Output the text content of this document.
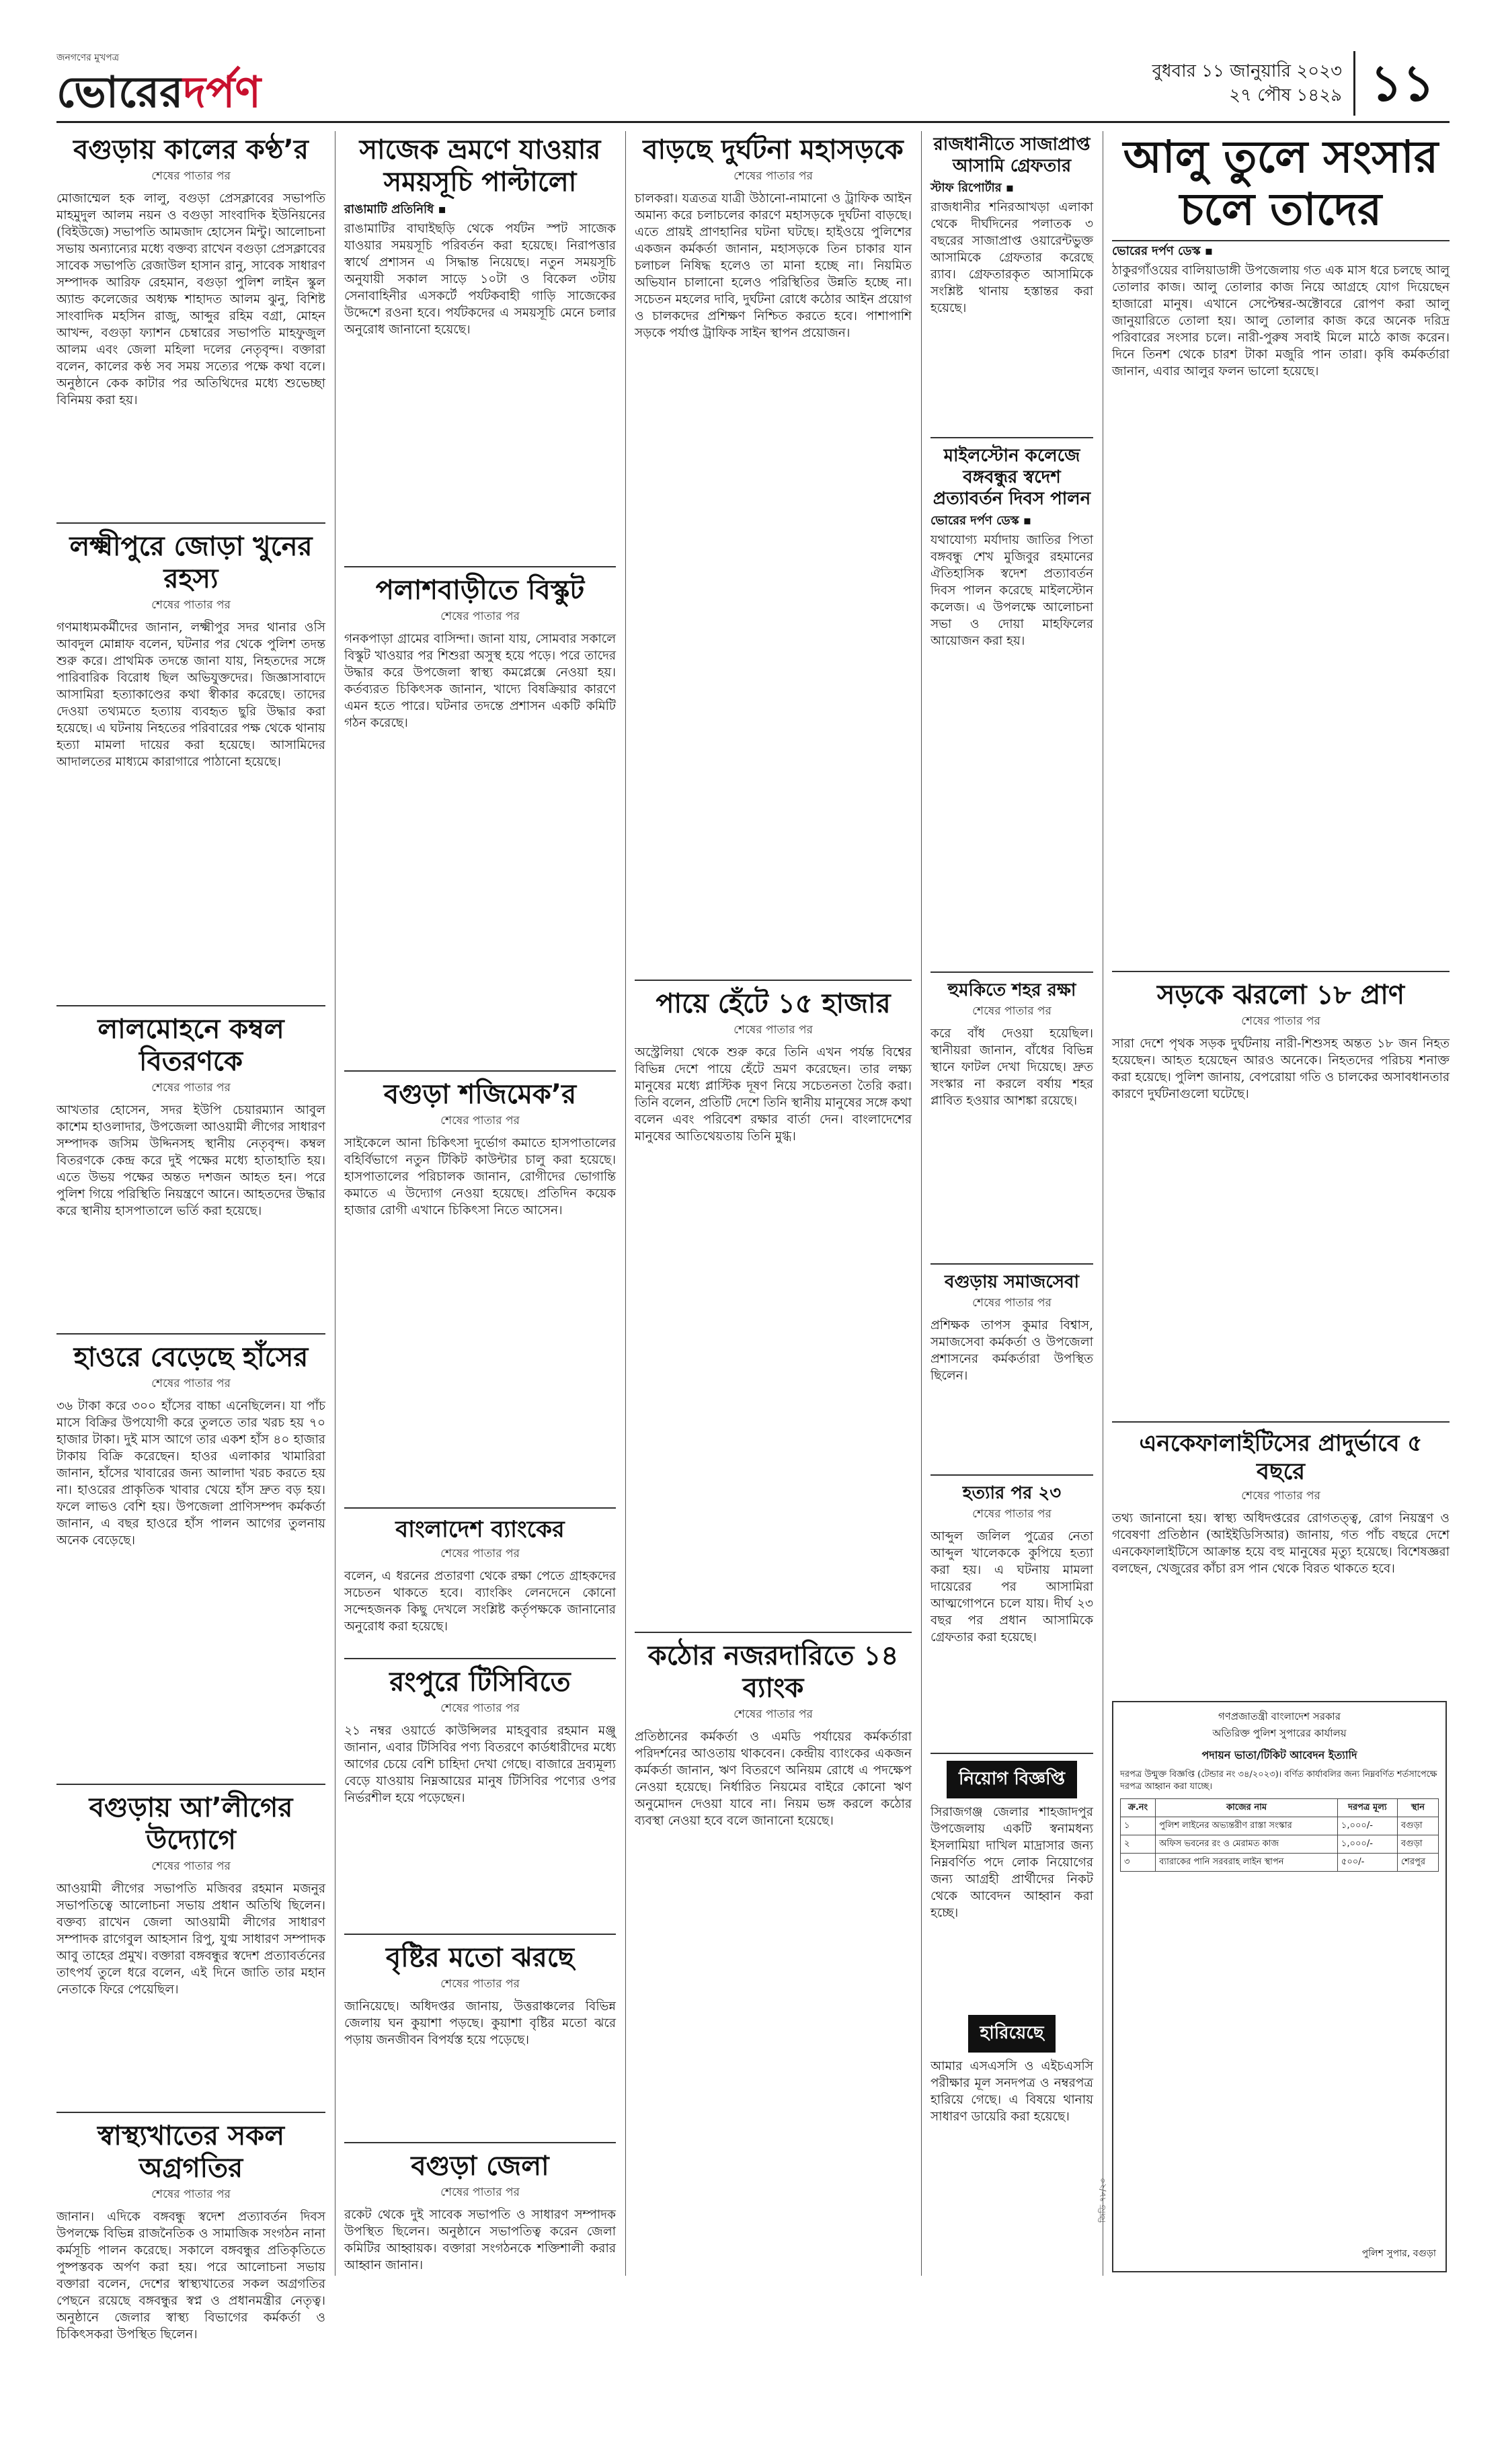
জনগণের মুখপত্র
ভোরেরদর্পণ	বুধবার ১১ জানুয়ারি ২০২৩
২৭ পৌষ ১৪২৯ ১১
বগুড়ায় কালের কণ্ঠ’র
শেষের পাতার পর
মোজাম্মেল হক লালু, বগুড়া প্রেসক্লাবের সভাপতি মাহমুদুল আলম নয়ন ও বগুড়া সাংবাদিক ইউনিয়নের (বিইউজে) সভাপতি আমজাদ হোসেন মিন্টু। আলোচনা সভায় অন্যান্যের মধ্যে বক্তব্য রাখেন বগুড়া প্রেসক্লাবের সাবেক সভাপতি রেজাউল হাসান রানু, সাবেক সাধারণ সম্পাদক আরিফ রেহমান, বগুড়া পুলিশ লাইন স্কুল অ্যান্ড কলেজের অধ্যক্ষ শাহাদত আলম ঝুনু, বিশিষ্ট সাংবাদিক মহসিন রাজু, আব্দুর রহিম বগ্রা, মোহন আখন্দ, বগুড়া ফ্যাশন চেম্বারের সভাপতি মাহফুজুল আলম এবং জেলা মহিলা দলের নেতৃবৃন্দ। বক্তারা বলেন, কালের কণ্ঠ সব সময় সত্যের পক্ষে কথা বলে। অনুষ্ঠানে কেক কাটার পর অতিথিদের মধ্যে শুভেচ্ছা বিনিময় করা হয়।
লক্ষ্মীপুরে জোড়া খুনের রহস্য
শেষের পাতার পর
গণমাধ্যমকর্মীদের জানান, লক্ষ্মীপুর সদর থানার ওসি আবদুল মোন্নাফ বলেন, ঘটনার পর থেকে পুলিশ তদন্ত শুরু করে। প্রাথমিক তদন্তে জানা যায়, নিহতদের সঙ্গে পারিবারিক বিরোধ ছিল অভিযুক্তদের। জিজ্ঞাসাবাদে আসামিরা হত্যাকাণ্ডের কথা স্বীকার করেছে। তাদের দেওয়া তথ্যমতে হত্যায় ব্যবহৃত ছুরি উদ্ধার করা হয়েছে। এ ঘটনায় নিহতের পরিবারের পক্ষ থেকে থানায় হত্যা মামলা দায়ের করা হয়েছে। আসামিদের আদালতের মাধ্যমে কারাগারে পাঠানো হয়েছে।
লালমোহনে কম্বল বিতরণকে
শেষের পাতার পর
আখতার হোসেন, সদর ইউপি চেয়ারম্যান আবুল কাশেম হাওলাদার, উপজেলা আওয়ামী লীগের সাধারণ সম্পাদক জসিম উদ্দিনসহ স্থানীয় নেতৃবৃন্দ। কম্বল বিতরণকে কেন্দ্র করে দুই পক্ষের মধ্যে হাতাহাতি হয়। এতে উভয় পক্ষের অন্তত দশজন আহত হন। পরে পুলিশ গিয়ে পরিস্থিতি নিয়ন্ত্রণে আনে। আহতদের উদ্ধার করে স্থানীয় হাসপাতালে ভর্তি করা হয়েছে।
হাওরে বেড়েছে হাঁসের
শেষের পাতার পর
৩৬ টাকা করে ৩০০ হাঁসের বাচ্চা এনেছিলেন। যা পাঁচ মাসে বিক্রির উপযোগী করে তুলতে তার খরচ হয় ৭০ হাজার টাকা। দুই মাস আগে তার একশ হাঁস ৪০ হাজার টাকায় বিক্রি করেছেন। হাওর এলাকার খামারিরা জানান, হাঁসের খাবারের জন্য আলাদা খরচ করতে হয় না। হাওরের প্রাকৃতিক খাবার খেয়ে হাঁস দ্রুত বড় হয়। ফলে লাভও বেশি হয়। উপজেলা প্রাণিসম্পদ কর্মকর্তা জানান, এ বছর হাওরে হাঁস পালন আগের তুলনায় অনেক বেড়েছে।
বগুড়ায় আ’লীগের উদ্যোগে
শেষের পাতার পর
আওয়ামী লীগের সভাপতি মজিবর রহমান মজনুর সভাপতিত্বে আলোচনা সভায় প্রধান অতিথি ছিলেন। বক্তব্য রাখেন জেলা আওয়ামী লীগের সাধারণ সম্পাদক রাগেবুল আহসান রিপু, যুগ্ম সাধারণ সম্পাদক আবু তাহের প্রমুখ। বক্তারা বঙ্গবন্ধুর স্বদেশ প্রত্যাবর্তনের তাৎপর্য তুলে ধরে বলেন, এই দিনে জাতি তার মহান নেতাকে ফিরে পেয়েছিল।
স্বাস্থ্যখাতের সকল অগ্রগতির
শেষের পাতার পর
জানান। এদিকে বঙ্গবন্ধু স্বদেশ প্রত্যাবর্তন দিবস উপলক্ষে বিভিন্ন রাজনৈতিক ও সামাজিক সংগঠন নানা কর্মসূচি পালন করেছে। সকালে বঙ্গবন্ধুর প্রতিকৃতিতে পুষ্পস্তবক অর্পণ করা হয়। পরে আলোচনা সভায় বক্তারা বলেন, দেশের স্বাস্থ্যখাতের সকল অগ্রগতির পেছনে রয়েছে বঙ্গবন্ধুর স্বপ্ন ও প্রধানমন্ত্রীর নেতৃত্ব। অনুষ্ঠানে জেলার স্বাস্থ্য বিভাগের কর্মকর্তা ও চিকিৎসকরা উপস্থিত ছিলেন।
সাজেক ভ্রমণে যাওয়ার সময়সূচি পাল্টালো
রাঙামাটি প্রতিনিধি ▪
রাঙামাটির বাঘাইছড়ি থেকে পর্যটন স্পট সাজেক যাওয়ার সময়সূচি পরিবর্তন করা হয়েছে। নিরাপত্তার স্বার্থে প্রশাসন এ সিদ্ধান্ত নিয়েছে। নতুন সময়সূচি অনুযায়ী সকাল সাড়ে ১০টা ও বিকেল ৩টায় সেনাবাহিনীর এসকর্টে পর্যটকবাহী গাড়ি সাজেকের উদ্দেশে রওনা হবে। পর্যটকদের এ সময়সূচি মেনে চলার অনুরোধ জানানো হয়েছে।
পলাশবাড়ীতে বিস্কুট
শেষের পাতার পর
গনকপাড়া গ্রামের বাসিন্দা। জানা যায়, সোমবার সকালে বিস্কুট খাওয়ার পর শিশুরা অসুস্থ হয়ে পড়ে। পরে তাদের উদ্ধার করে উপজেলা স্বাস্থ্য কমপ্লেক্সে নেওয়া হয়। কর্তব্যরত চিকিৎসক জানান, খাদ্যে বিষক্রিয়ার কারণে এমন হতে পারে। ঘটনার তদন্তে প্রশাসন একটি কমিটি গঠন করেছে।
বগুড়া শজিমেক’র
শেষের পাতার পর
সাইকেলে আনা চিকিৎসা দুর্ভোগ কমাতে হাসপাতালের বহির্বিভাগে নতুন টিকিট কাউন্টার চালু করা হয়েছে। হাসপাতালের পরিচালক জানান, রোগীদের ভোগান্তি কমাতে এ উদ্যোগ নেওয়া হয়েছে। প্রতিদিন কয়েক হাজার রোগী এখানে চিকিৎসা নিতে আসেন।
বাংলাদেশ ব্যাংকের
শেষের পাতার পর
বলেন, এ ধরনের প্রতারণা থেকে রক্ষা পেতে গ্রাহকদের সচেতন থাকতে হবে। ব্যাংকিং লেনদেনে কোনো সন্দেহজনক কিছু দেখলে সংশ্লিষ্ট কর্তৃপক্ষকে জানানোর অনুরোধ করা হয়েছে।
রংপুরে টিসিবিতে
শেষের পাতার পর
২১ নম্বর ওয়ার্ডে কাউন্সিলর মাহবুবার রহমান মঞ্জু জানান, এবার টিসিবির পণ্য বিতরণে কার্ডধারীদের মধ্যে আগের চেয়ে বেশি চাহিদা দেখা গেছে। বাজারে দ্রব্যমূল্য বেড়ে যাওয়ায় নিম্নআয়ের মানুষ টিসিবির পণ্যের ওপর নির্ভরশীল হয়ে পড়েছেন।
বৃষ্টির মতো ঝরছে
শেষের পাতার পর
জানিয়েছে। অধিদপ্তর জানায়, উত্তরাঞ্চলের বিভিন্ন জেলায় ঘন কুয়াশা পড়ছে। কুয়াশা বৃষ্টির মতো ঝরে পড়ায় জনজীবন বিপর্যস্ত হয়ে পড়েছে।
বগুড়া জেলা
শেষের পাতার পর
রকেট থেকে দুই সাবেক সভাপতি ও সাধারণ সম্পাদক উপস্থিত ছিলেন। অনুষ্ঠানে সভাপতিত্ব করেন জেলা কমিটির আহ্বায়ক। বক্তারা সংগঠনকে শক্তিশালী করার আহ্বান জানান।
বাড়ছে দুর্ঘটনা মহাসড়কে
শেষের পাতার পর
চালকরা। যত্রতত্র যাত্রী উঠানো-নামানো ও ট্রাফিক আইন অমান্য করে চলাচলের কারণে মহাসড়কে দুর্ঘটনা বাড়ছে। এতে প্রায়ই প্রাণহানির ঘটনা ঘটছে। হাইওয়ে পুলিশের একজন কর্মকর্তা জানান, মহাসড়কে তিন চাকার যান চলাচল নিষিদ্ধ হলেও তা মানা হচ্ছে না। নিয়মিত অভিযান চালানো হলেও পরিস্থিতির উন্নতি হচ্ছে না। সচেতন মহলের দাবি, দুর্ঘটনা রোধে কঠোর আইন প্রয়োগ ও চালকদের প্রশিক্ষণ নিশ্চিত করতে হবে। পাশাপাশি সড়কে পর্যাপ্ত ট্রাফিক সাইন স্থাপন প্রয়োজন।
পায়ে হেঁটে ১৫ হাজার
শেষের পাতার পর
অস্ট্রেলিয়া থেকে শুরু করে তিনি এখন পর্যন্ত বিশ্বের বিভিন্ন দেশে পায়ে হেঁটে ভ্রমণ করেছেন। তার লক্ষ্য মানুষের মধ্যে প্লাস্টিক দূষণ নিয়ে সচেতনতা তৈরি করা। তিনি বলেন, প্রতিটি দেশে তিনি স্থানীয় মানুষের সঙ্গে কথা বলেন এবং পরিবেশ রক্ষার বার্তা দেন। বাংলাদেশের মানুষের আতিথেয়তায় তিনি মুগ্ধ।
কঠোর নজরদারিতে ১৪ ব্যাংক
শেষের পাতার পর
প্রতিষ্ঠানের কর্মকর্তা ও এমডি পর্যায়ের কর্মকর্তারা পরিদর্শনের আওতায় থাকবেন। কেন্দ্রীয় ব্যাংকের একজন কর্মকর্তা জানান, ঋণ বিতরণে অনিয়ম রোধে এ পদক্ষেপ নেওয়া হয়েছে। নির্ধারিত নিয়মের বাইরে কোনো ঋণ অনুমোদন দেওয়া যাবে না। নিয়ম ভঙ্গ করলে কঠোর ব্যবস্থা নেওয়া হবে বলে জানানো হয়েছে।
রাজধানীতে সাজাপ্রাপ্ত আসামি গ্রেফতার
স্টাফ রিপোর্টার ▪
রাজধানীর শনিরআখড়া এলাকা থেকে দীর্ঘদিনের পলাতক ৩ বছরের সাজাপ্রাপ্ত ওয়ারেন্টভুক্ত আসামিকে গ্রেফতার করেছে র‌্যাব। গ্রেফতারকৃত আসামিকে সংশ্লিষ্ট থানায় হস্তান্তর করা হয়েছে।
মাইলস্টোন কলেজে বঙ্গবন্ধুর স্বদেশ প্রত্যাবর্তন দিবস পালন
ভোরের দর্পণ ডেস্ক ▪
যথাযোগ্য মর্যাদায় জাতির পিতা বঙ্গবন্ধু শেখ মুজিবুর রহমানের ঐতিহাসিক স্বদেশ প্রত্যাবর্তন দিবস পালন করেছে মাইলস্টোন কলেজ। এ উপলক্ষে আলোচনা সভা ও দোয়া মাহফিলের আয়োজন করা হয়।
হুমকিতে শহর রক্ষা
শেষের পাতার পর
করে বাঁধ দেওয়া হয়েছিল। স্থানীয়রা জানান, বাঁধের বিভিন্ন স্থানে ফাটল দেখা দিয়েছে। দ্রুত সংস্কার না করলে বর্ষায় শহর প্লাবিত হওয়ার আশঙ্কা রয়েছে।
বগুড়ায় সমাজসেবা
শেষের পাতার পর
প্রশিক্ষক তাপস কুমার বিশ্বাস, সমাজসেবা কর্মকর্তা ও উপজেলা প্রশাসনের কর্মকর্তারা উপস্থিত ছিলেন।
হত্যার পর ২৩
শেষের পাতার পর
আব্দুল জলিল পুত্রের নেতা আব্দুল খালেককে কুপিয়ে হত্যা করা হয়। এ ঘটনায় মামলা দায়েরের পর আসামিরা আত্মগোপনে চলে যায়। দীর্ঘ ২৩ বছর পর প্রধান আসামিকে গ্রেফতার করা হয়েছে।
নিয়োগ বিজ্ঞপ্তি
সিরাজগঞ্জ জেলার শাহজাদপুর উপজেলায় একটি স্বনামধন্য ইসলামিয়া দাখিল মাদ্রাসার জন্য নিম্নবর্ণিত পদে লোক নিয়োগের জন্য আগ্রহী প্রার্থীদের নিকট থেকে আবেদন আহ্বান করা হচ্ছে।
হারিয়েছে
আমার এসএসসি ও এইচএসসি পরীক্ষার মূল সনদপত্র ও নম্বরপত্র হারিয়ে গেছে। এ বিষয়ে থানায় সাধারণ ডায়েরি করা হয়েছে।
আলু তুলে সংসার চলে তাদের
ভোরের দর্পণ ডেস্ক ▪
ঠাকুরগাঁওয়ের বালিয়াডাঙ্গী উপজেলায় গত এক মাস ধরে চলছে আলু তোলার কাজ। আলু তোলার কাজ নিয়ে আগ্রহে যোগ দিয়েছেন হাজারো মানুষ। এখানে সেপ্টেম্বর-অক্টোবরে রোপণ করা আলু জানুয়ারিতে তোলা হয়। আলু তোলার কাজ করে অনেক দরিদ্র পরিবারের সংসার চলে। নারী-পুরুষ সবাই মিলে মাঠে কাজ করেন। দিনে তিনশ থেকে চারশ টাকা মজুরি পান তারা। কৃষি কর্মকর্তারা জানান, এবার আলুর ফলন ভালো হয়েছে।
সড়কে ঝরলো ১৮ প্রাণ
শেষের পাতার পর
সারা দেশে পৃথক সড়ক দুর্ঘটনায় নারী-শিশুসহ অন্তত ১৮ জন নিহত হয়েছেন। আহত হয়েছেন আরও অনেকে। নিহতদের পরিচয় শনাক্ত করা হয়েছে। পুলিশ জানায়, বেপরোয়া গতি ও চালকের অসাবধানতার কারণে দুর্ঘটনাগুলো ঘটেছে।
এনকেফালাইটিসের প্রাদুর্ভাবে ৫ বছরে
শেষের পাতার পর
তথ্য জানানো হয়। স্বাস্থ্য অধিদপ্তরের রোগতত্ত্ব, রোগ নিয়ন্ত্রণ ও গবেষণা প্রতিষ্ঠান (আইইডিসিআর) জানায়, গত পাঁচ বছরে দেশে এনকেফালাইটিসে আক্রান্ত হয়ে বহু মানুষের মৃত্যু হয়েছে। বিশেষজ্ঞরা বলছেন, খেজুরের কাঁচা রস পান থেকে বিরত থাকতে হবে।
গণপ্রজাতন্ত্রী বাংলাদেশ সরকার
অতিরিক্ত পুলিশ সুপারের কার্যালয়
পদায়ন ভাতা/টিকিট আবেদন ইত্যাদি
দরপত্র উন্মুক্ত বিজ্ঞপ্তি (টেন্ডার নং ৩৪/২০২৩)। বর্ণিত কার্যাবলির জন্য নিম্নবর্ণিত শর্তসাপেক্ষে দরপত্র আহ্বান করা যাচ্ছে।
ক্র.নং	কাজের নাম	দরপত্র মূল্য	স্থান
১	পুলিশ লাইনের অভ্যন্তরীণ রাস্তা সংস্কার	১,০০০/-	বগুড়া
২	অফিস ভবনের রং ও মেরামত কাজ	১,০০০/-	বগুড়া
৩	ব্যারাকের পানি সরবরাহ লাইন স্থাপন	৫০০/-	শেরপুর
পুলিশ সুপার, বগুড়া
জিডি-৭৮/২৩
